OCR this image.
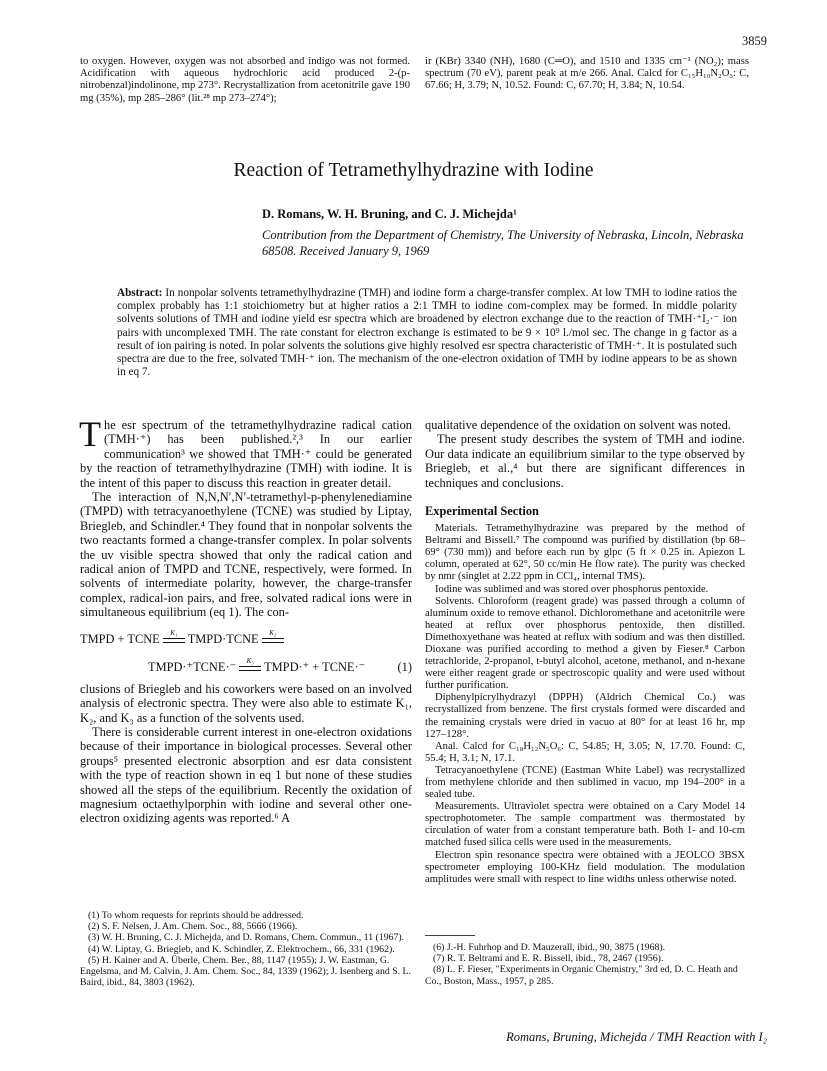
3859

to oxygen. However, oxygen was not absorbed and indigo was not formed. Acidification with aqueous hydrochloric acid produced 2-(p-nitrobenzal)indolinone, mp 273°. Recrystallization from acetonitrile gave 190 mg (35%), mp 285–286° (lit.²⁸ mp 273–274°);

ir (KBr) 3340 (NH), 1680 (C═O), and 1510 and 1335 cm⁻¹ (NO₂); mass spectrum (70 eV), parent peak at m/e 266. Anal. Calcd for C₁₅H₁₀N₂O₃: C, 67.66; H, 3.79; N, 10.52. Found: C, 67.70; H, 3.84; N, 10.54.

Reaction of Tetramethylhydrazine with Iodine
D. Romans, W. H. Bruning, and C. J. Michejda¹
Contribution from the Department of Chemistry, The University of Nebraska, Lincoln, Nebraska 68508. Received January 9, 1969
Abstract: In nonpolar solvents tetramethylhydrazine (TMH) and iodine form a charge-transfer complex. At low TMH to iodine ratios the complex probably has 1:1 stoichiometry but at higher ratios a 2:1 TMH to iodine com-complex may be formed. In middle polarity solvents solutions of TMH and iodine yield esr spectra which are broadened by electron exchange due to the reaction of TMH·⁺I₂·⁻ ion pairs with uncomplexed TMH. The rate constant for electron exchange is estimated to be 9 × 10⁹ l./mol sec. The change in g factor as a result of ion pairing is noted. In polar solvents the solutions give highly resolved esr spectra characteristic of TMH·⁺. It is postulated such spectra are due to the free, solvated TMH·⁺ ion. The mechanism of the one-electron oxidation of TMH by iodine appears to be as shown in eq 7.

The esr spectrum of the tetramethylhydrazine radical cation (TMH·⁺) has been published.²,³ In our earlier communication³ we showed that TMH·⁺ could be generated by the reaction of tetramethylhydrazine (TMH) with iodine. It is the intent of this paper to discuss this reaction in greater detail.

The interaction of N,N,N′,N′-tetramethyl-p-phenylenediamine (TMPD) with tetracyanoethylene (TCNE) was studied by Liptay, Briegleb, and Schindler.⁴ They found that in nonpolar solvents the two reactants formed a change-transfer complex. In polar solvents the uv visible spectra showed that only the radical cation and radical anion of TMPD and TCNE, respectively, were formed. In solvents of intermediate polarity, however, the charge-transfer complex, radical-ion pairs, and free, solvated radical ions were in simultaneous equilibrium (eq 1). The con-

TMPD + TCNE	K₁ TMPD·TCNE	K₂
TMPD·⁺TCNE·⁻	K₃ TMPD·⁺ + TCNE·⁻	(1)

clusions of Briegleb and his coworkers were based on an involved analysis of electronic spectra. They were also able to estimate K₁, K₂, and K₃ as a function of the solvents used.

There is considerable current interest in one-electron oxidations because of their importance in biological processes. Several other groups⁵ presented electronic absorption and esr data consistent with the type of reaction shown in eq 1 but none of these studies showed all the steps of the equilibrium. Recently the oxidation of magnesium octaethylporphin with iodine and several other one-electron oxidizing agents was reported.⁶ A

qualitative dependence of the oxidation on solvent was noted.

The present study describes the system of TMH and iodine. Our data indicate an equilibrium similar to the type observed by Briegleb, et al.,⁴ but there are significant differences in techniques and conclusions.

Experimental Section

Materials. Tetramethylhydrazine was prepared by the method of Beltrami and Bissell.⁷ The compound was purified by distillation (bp 68–69° (730 mm)) and before each run by glpc (5 ft × 0.25 in. Apiezon L column, operated at 62°, 50 cc/min He flow rate). The purity was checked by nmr (singlet at 2.22 ppm in CCl₄, internal TMS).

Iodine was sublimed and was stored over phosphorus pentoxide.

Solvents. Chloroform (reagent grade) was passed through a column of aluminum oxide to remove ethanol. Dichloromethane and acetonitrile were heated at reflux over phosphorus pentoxide, then distilled. Dimethoxyethane was heated at reflux with sodium and was then distilled. Dioxane was purified according to method a given by Fieser.⁸ Carbon tetrachloride, 2-propanol, t-butyl alcohol, acetone, methanol, and n-hexane were either reagent grade or spectroscopic quality and were used without further purification.

Diphenylpicrylhydrazyl (DPPH) (Aldrich Chemical Co.) was recrystallized from benzene. The first crystals formed were discarded and the remaining crystals were dried in vacuo at 80° for at least 16 hr, mp 127–128°.

Anal. Calcd for C₁₈H₁₂N₅O₆: C, 54.85; H, 3.05; N, 17.70. Found: C, 55.4; H, 3.1; N, 17.1.

Tetracyanoethylene (TCNE) (Eastman White Label) was recrystallized from methylene chloride and then sublimed in vacuo, mp 194–200° in a sealed tube.

Measurements. Ultraviolet spectra were obtained on a Cary Model 14 spectrophotometer. The sample compartment was thermostated by circulation of water from a constant temperature bath. Both 1- and 10-cm matched fused silica cells were used in the measurements.

Electron spin resonance spectra were obtained with a JEOLCO 3BSX spectrometer employing 100-KHz field modulation. The modulation amplitudes were small with respect to line widths unless otherwise noted.

(1) To whom requests for reprints should be addressed.

(2) S. F. Nelsen, J. Am. Chem. Soc., 88, 5666 (1966).

(3) W. H. Bruning, C. J. Michejda, and D. Romans, Chem. Commun., 11 (1967).

(4) W. Liptay, G. Briegleb, and K. Schindler, Z. Elektrochem., 66, 331 (1962).

(5) H. Kainer and A. Überle, Chem. Ber., 88, 1147 (1955); J. W. Eastman, G. Engelsma, and M. Calvin, J. Am. Chem. Soc., 84, 1339 (1962); J. Isenberg and S. L. Baird, ibid., 84, 3803 (1962).

(6) J.-H. Fuhrhop and D. Mauzerall, ibid., 90, 3875 (1968).

(7) R. T. Beltrami and E. R. Bissell, ibid., 78, 2467 (1956).

(8) L. F. Fieser, "Experiments in Organic Chemistry," 3rd ed, D. C. Heath and Co., Boston, Mass., 1957, p 285.

Romans, Bruning, Michejda / TMH Reaction with I₂
